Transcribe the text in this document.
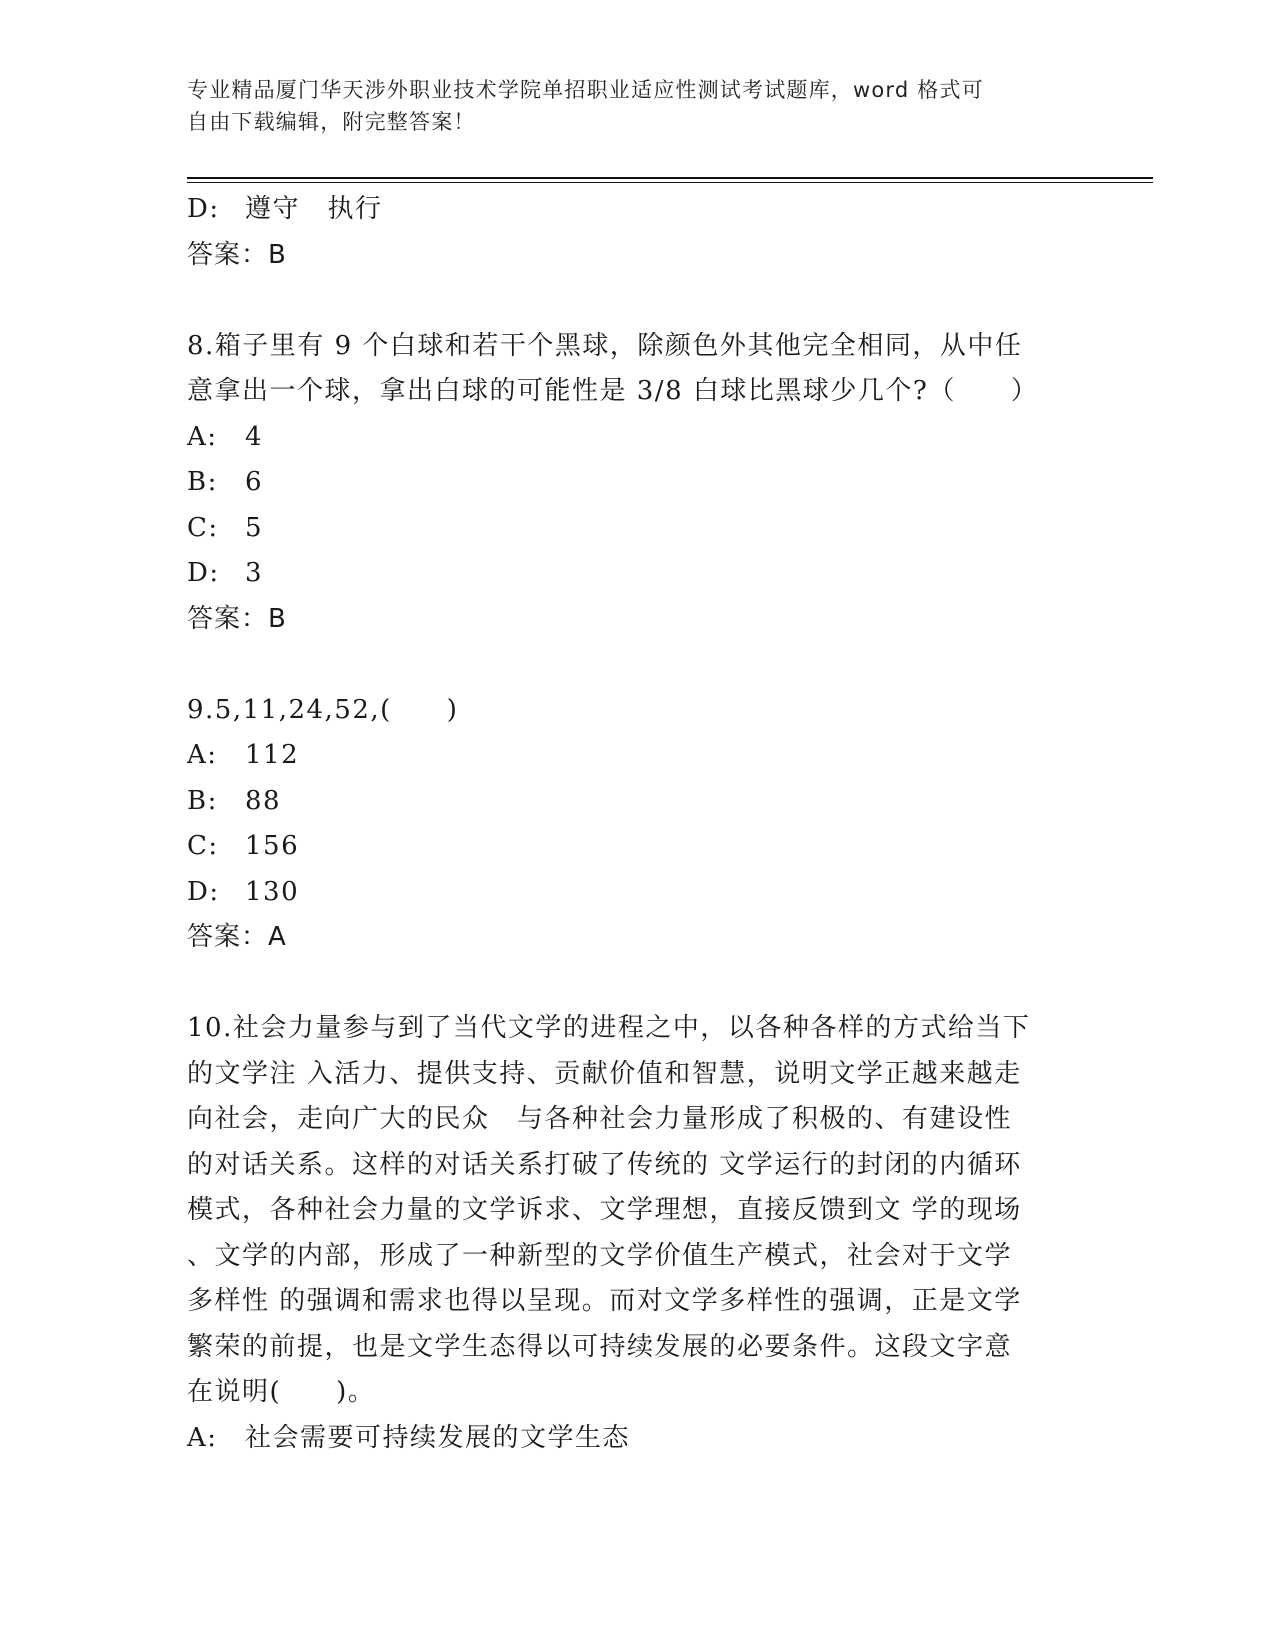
专业精品厦门华天涉外职业技术学院单招职业适应性测试考试题库，word 格式可
自由下载编辑，附完整答案！
D: 遵守　执行
答案：B
8.箱子里有 9 个白球和若干个黑球，除颜色外其他完全相同，从中任
意拿出一个球，拿出白球的可能性是 3/8 白球比黑球少几个?（　　）
A:	4
B:	6
C:	5
D: 3
答案：B
9.5,11,24,52,(　　)
A:	112
B:	88
C:	156
D: 130
答案：A
10.社会力量参与到了当代文学的进程之中，以各种各样的方式给当下
的文学注 入活力、提供支持、贡献价值和智慧，说明文学正越来越走
向社会，走向广大的民众　与各种社会力量形成了积极的、有建设性
的对话关系。这样的对话关系打破了传统的 文学运行的封闭的内循环
模式，各种社会力量的文学诉求、文学理想，直接反馈到文 学的现场
、文学的内部，形成了一种新型的文学价值生产模式，社会对于文学
多样性 的强调和需求也得以呈现。而对文学多样性的强调，正是文学
繁荣的前提，也是文学生态得以可持续发展的必要条件。这段文字意
在说明(　　)。
A:	社会需要可持续发展的文学生态
